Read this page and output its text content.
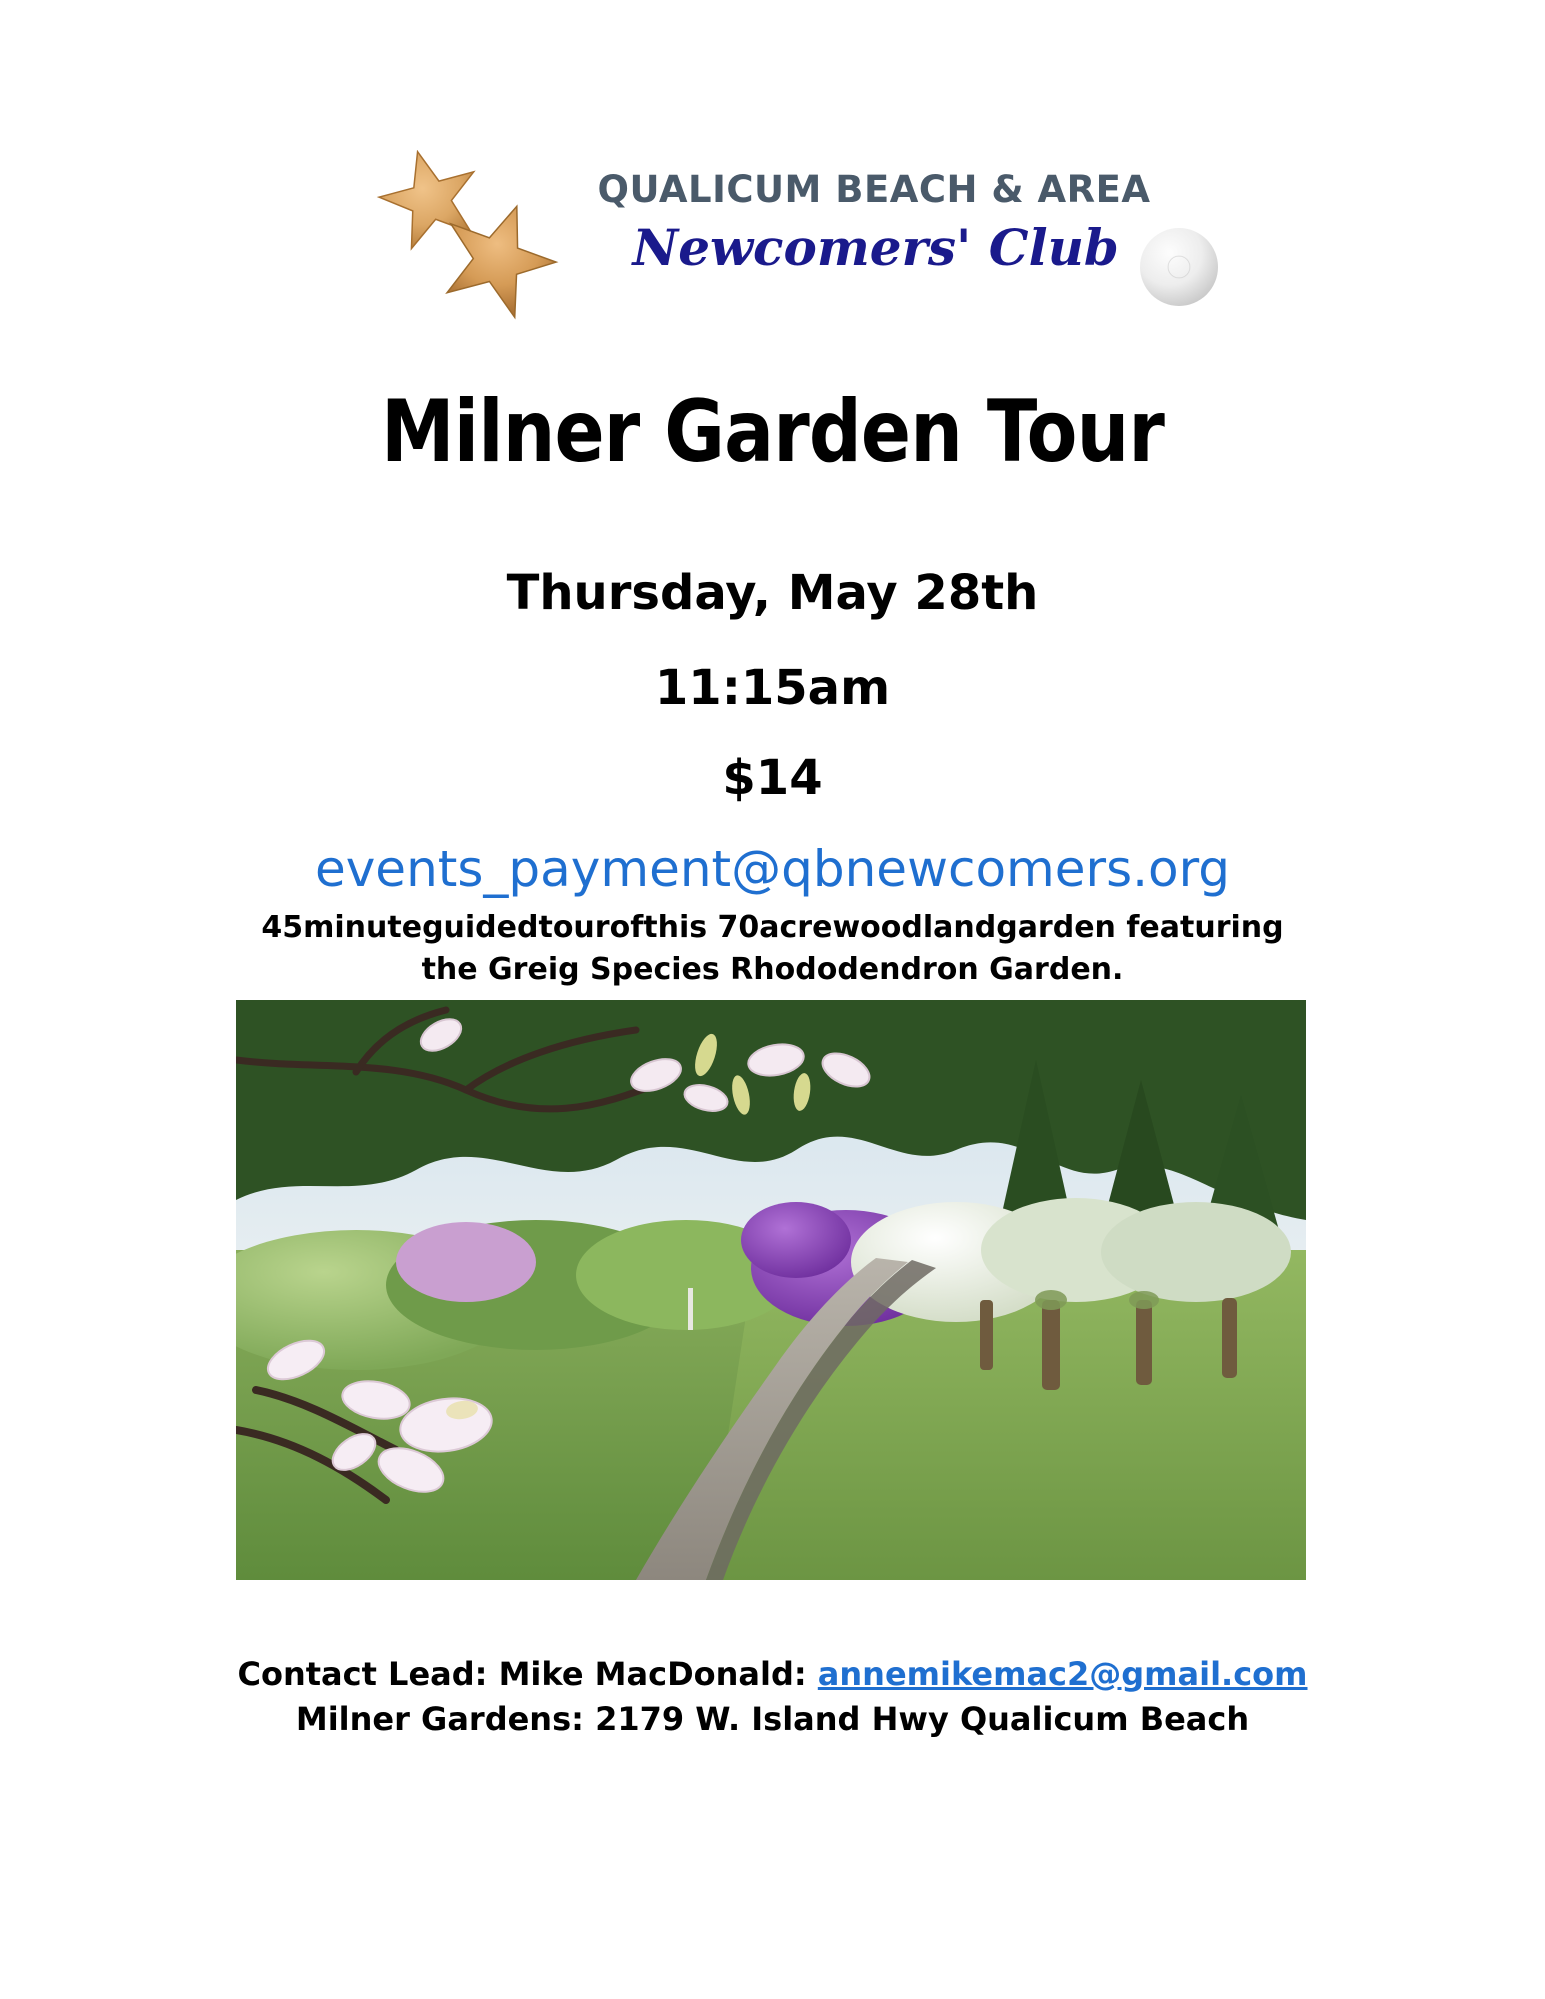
QUALICUM BEACH & AREA
Newcomers' Club
Milner Garden Tour
Thursday, May 28th
11:15am
$14
events_payment@qbnewcomers.org
45minuteguidedtourofthis 70acrewoodlandgarden featuring
the Greig Species Rhododendron Garden.
Contact Lead: Mike MacDonald: annemikemac2@gmail.com
Milner Gardens: 2179 W. Island Hwy Qualicum Beach
